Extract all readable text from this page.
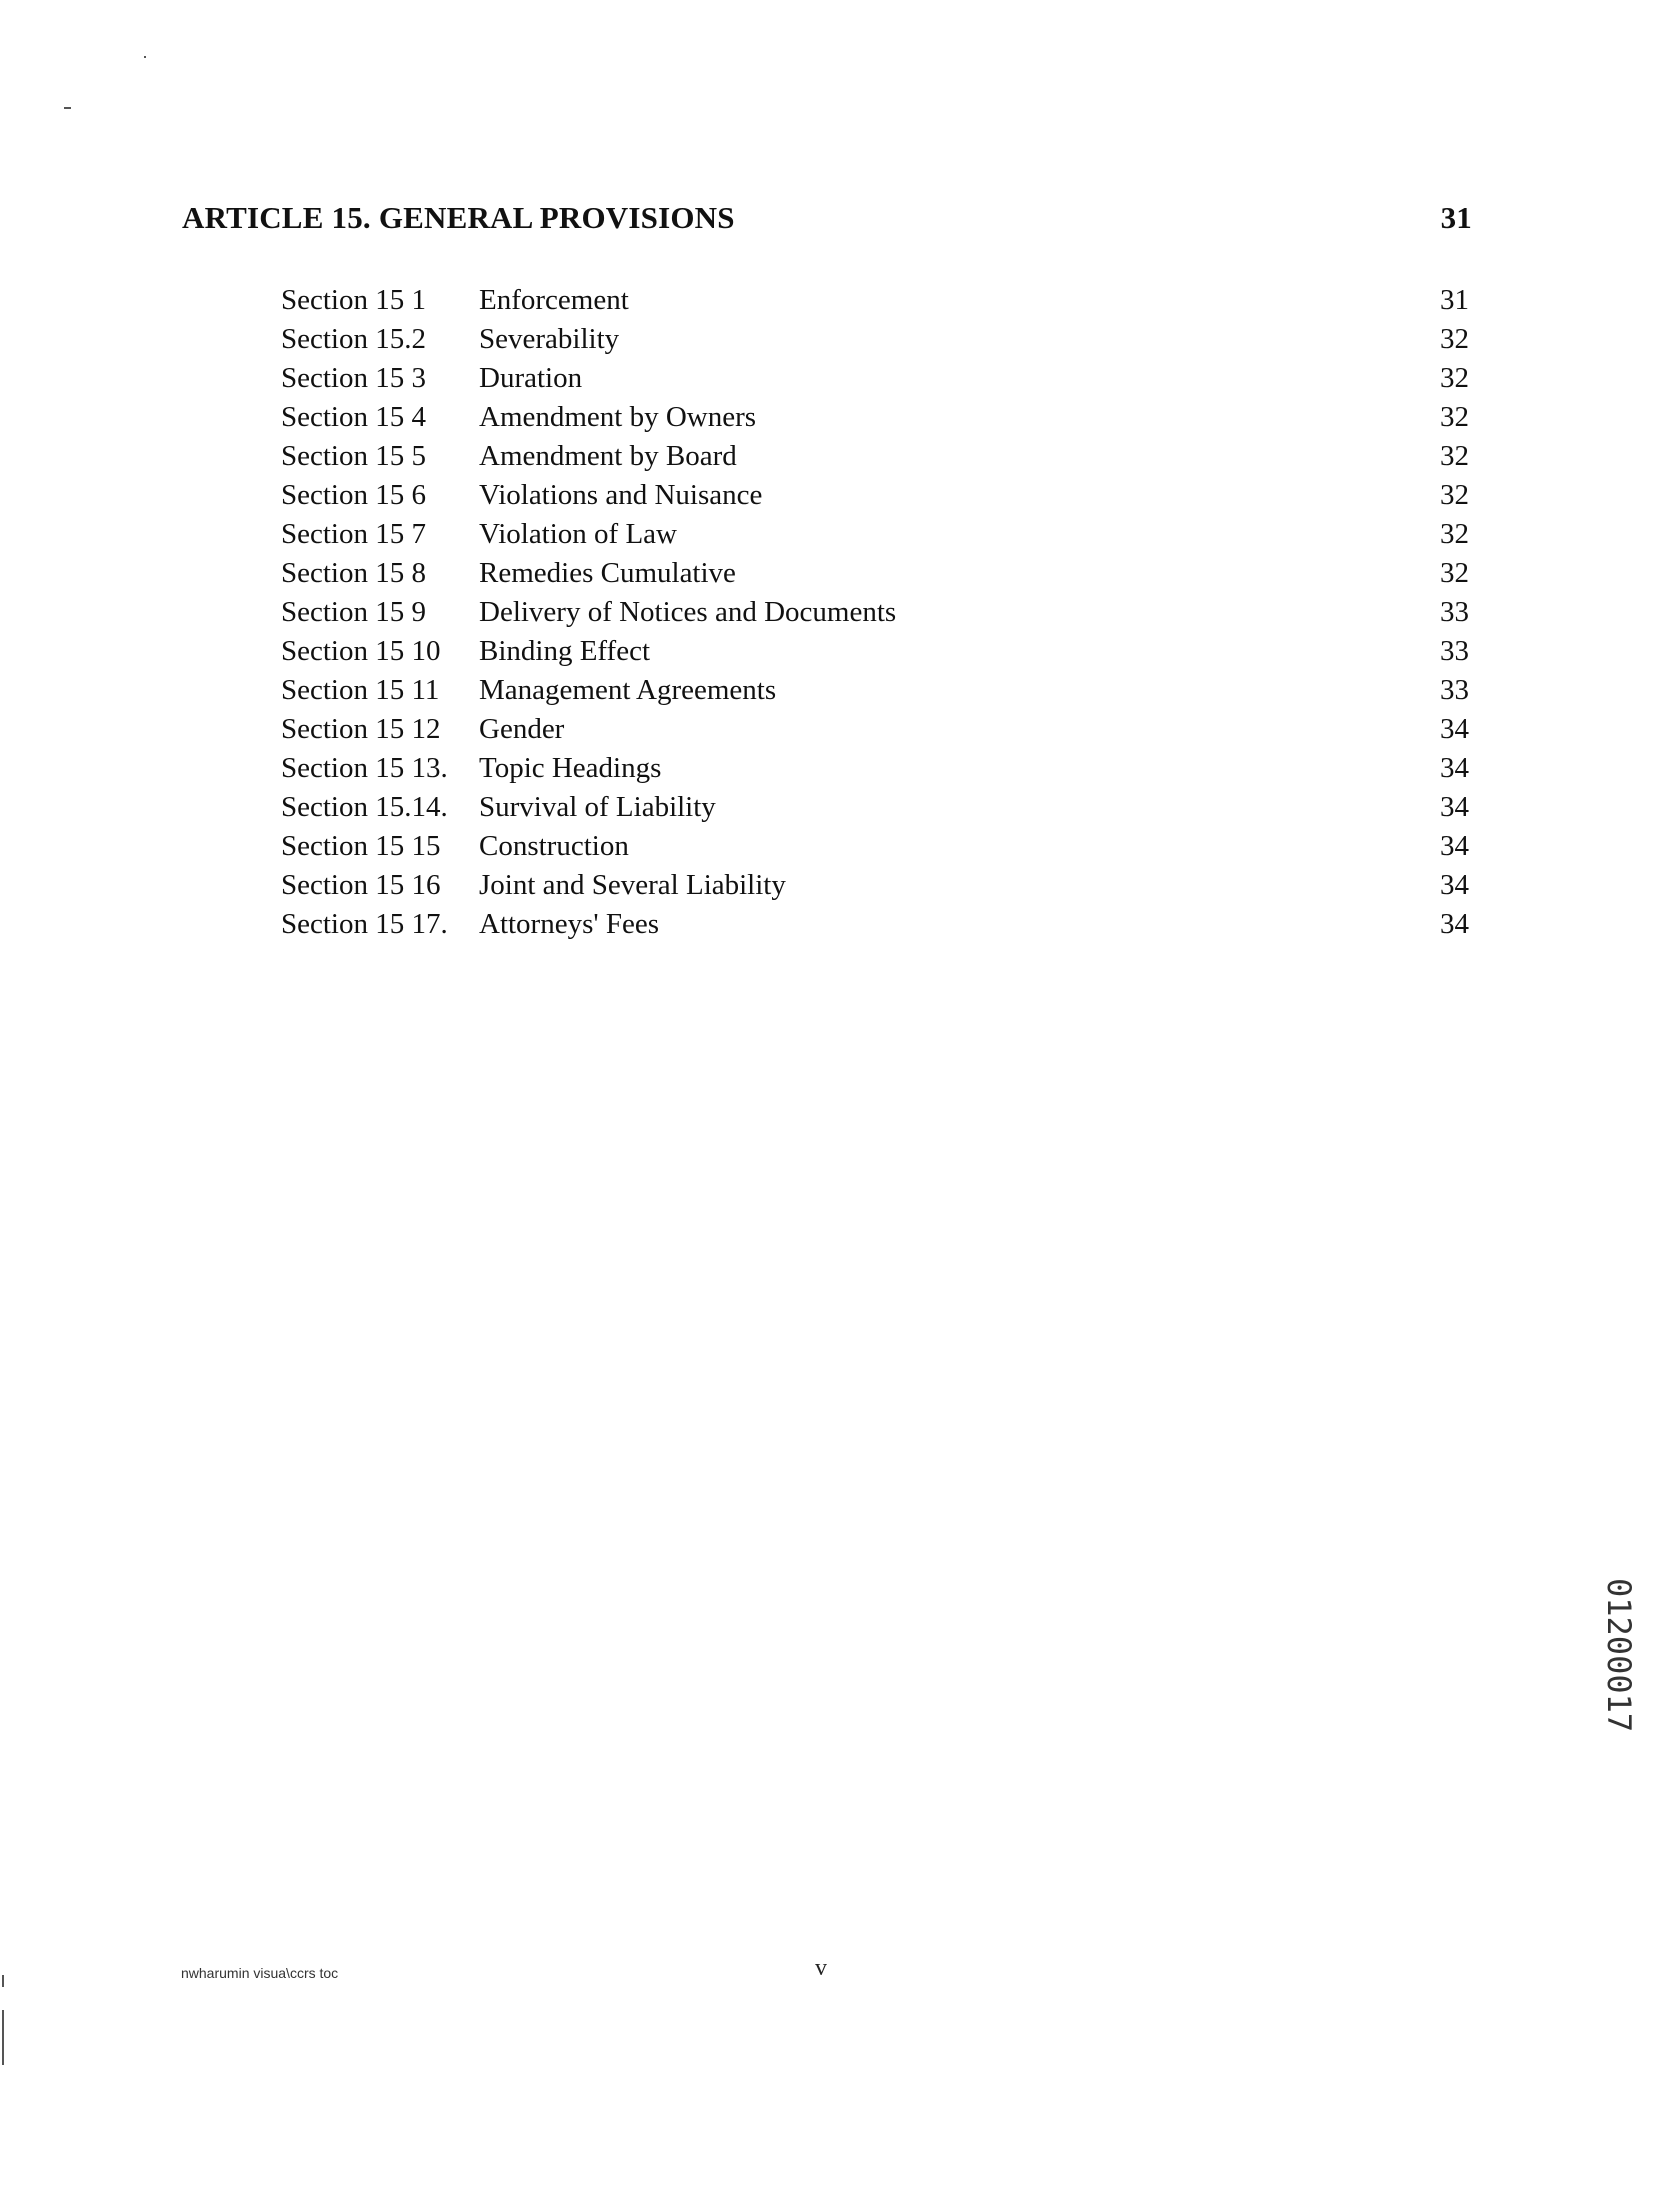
ARTICLE 15. GENERAL PROVISIONS	31
Section 15 1 Enforcement	31
Section 15.2 Severability	32
Section 15 3 Duration	32
Section 15 4 Amendment by Owners	32
Section 15 5 Amendment by Board	32
Section 15 6 Violations and Nuisance	32
Section 15 7 Violation of Law	32
Section 15 8 Remedies Cumulative	32
Section 15 9 Delivery of Notices and Documents	33
Section 15 10 Binding Effect	33
Section 15 11 Management Agreements	33
Section 15 12 Gender	34
Section 15 13. Topic Headings	34
Section 15.14. Survival of Liability	34
Section 15 15 Construction	34
Section 15 16 Joint and Several Liability	34
Section 15 17. Attorneys' Fees	34
01200017
nwharumin visua\ccrs toc	v
